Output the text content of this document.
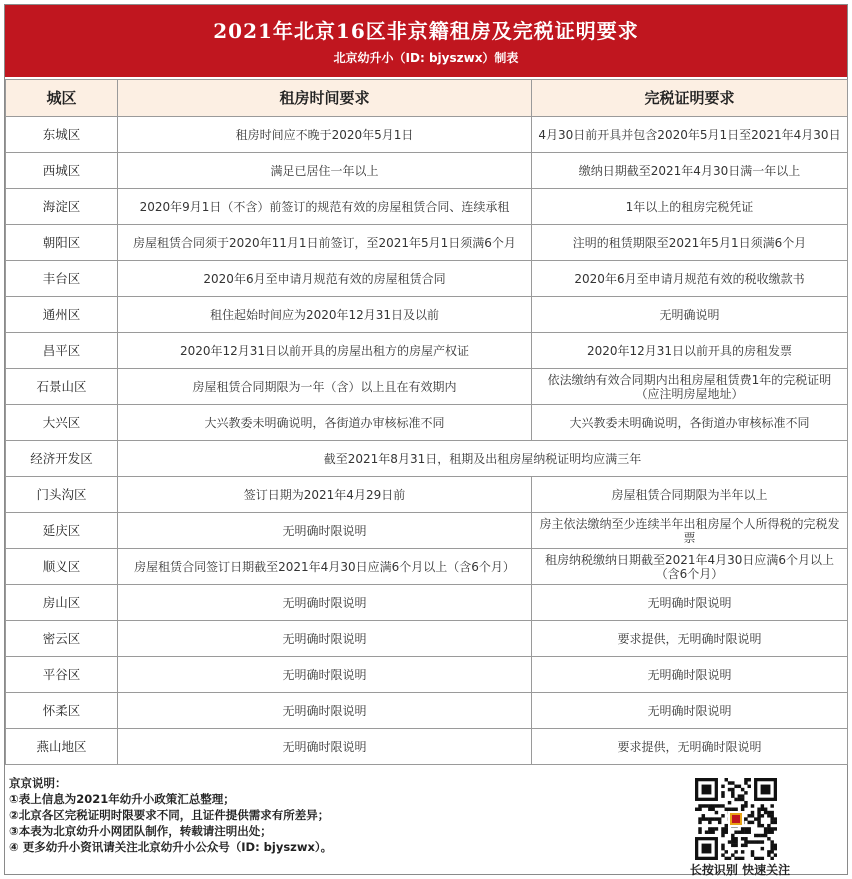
2021年北京16区非京籍租房及完税证明要求
北京幼升小（ID: bjyszwx）制表
城区	租房时间要求	完税证明要求
东城区	租房时间应不晚于2020年5月1日	4月30日前开具并包含2020年5月1日至2021年4月30日
西城区	满足已居住一年以上	缴纳日期截至2021年4月30日满一年以上
海淀区	2020年9月1日（不含）前签订的规范有效的房屋租赁合同、连续承租	1年以上的租房完税凭证
朝阳区	房屋租赁合同须于2020年11月1日前签订，至2021年5月1日须满6个月	注明的租赁期限至2021年5月1日须满6个月
丰台区	2020年6月至申请月规范有效的房屋租赁合同	2020年6月至申请月规范有效的税收缴款书
通州区	租住起始时间应为2020年12月31日及以前	无明确说明
昌平区	2020年12月31日以前开具的房屋出租方的房屋产权证	2020年12月31日以前开具的房租发票
石景山区	房屋租赁合同期限为一年（含）以上且在有效期内	依法缴纳有效合同期内出租房屋租赁费1年的完税证明（应注明房屋地址）
大兴区	大兴教委未明确说明，各街道办审核标准不同	大兴教委未明确说明，各街道办审核标准不同
经济开发区	截至2021年8月31日，租期及出租房屋纳税证明均应满三年	
门头沟区	签订日期为2021年4月29日前	房屋租赁合同期限为半年以上
延庆区	无明确时限说明	房主依法缴纳至少连续半年出租房屋个人所得税的完税发票
顺义区	房屋租赁合同签订日期截至2021年4月30日应满6个月以上（含6个月）	租房纳税缴纳日期截至2021年4月30日应满6个月以上（含6个月）
房山区	无明确时限说明	无明确时限说明
密云区	无明确时限说明	要求提供，无明确时限说明
平谷区	无明确时限说明	无明确时限说明
怀柔区	无明确时限说明	无明确时限说明
燕山地区	无明确时限说明	要求提供，无明确时限说明
京京说明：
①表上信息为2021年幼升小政策汇总整理；
②北京各区完税证明时限要求不同，且证件提供需求有所差异；
③本表为北京幼升小网团队制作，转载请注明出处；
④ 更多幼升小资讯请关注北京幼升小公众号（ID: bjyszwx）。
长按识别 快速关注
